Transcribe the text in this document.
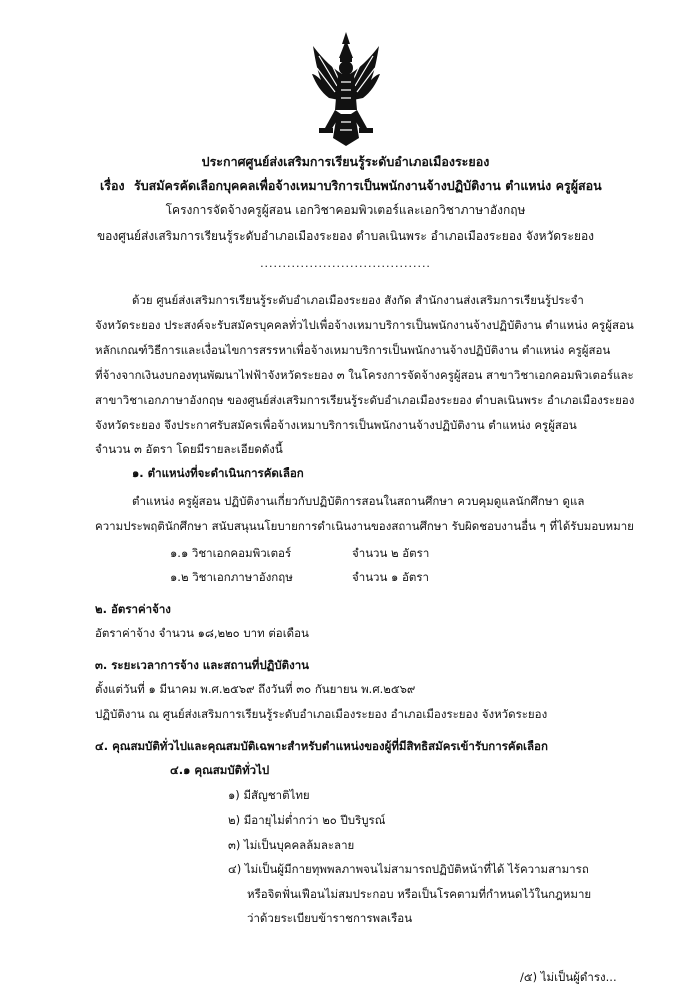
ประกาศศูนย์ส่งเสริมการเรียนรู้ระดับอำเภอเมืองระยอง
เรื่อง รับสมัครคัดเลือกบุคคลเพื่อจ้างเหมาบริการเป็นพนักงานจ้างปฏิบัติงาน ตำแหน่ง ครูผู้สอน
โครงการจัดจ้างครูผู้สอน เอกวิชาคอมพิวเตอร์และเอกวิชาภาษาอังกฤษ
ของศูนย์ส่งเสริมการเรียนรู้ระดับอำเภอเมืองระยอง ตำบลเนินพระ อำเภอเมืองระยอง จังหวัดระยอง
......................................
ด้วย ศูนย์ส่งเสริมการเรียนรู้ระดับอำเภอเมืองระยอง สังกัด สำนักงานส่งเสริมการเรียนรู้ประจำ
จังหวัดระยอง ประสงค์จะรับสมัครบุคคลทั่วไปเพื่อจ้างเหมาบริการเป็นพนักงานจ้างปฏิบัติงาน ตำแหน่ง ครูผู้สอน
หลักเกณฑ์วิธีการและเงื่อนไขการสรรหาเพื่อจ้างเหมาบริการเป็นพนักงานจ้างปฏิบัติงาน ตำแหน่ง ครูผู้สอน
ที่จ้างจากเงินงบกองทุนพัฒนาไฟฟ้าจังหวัดระยอง ๓ ในโครงการจัดจ้างครูผู้สอน สาขาวิชาเอกคอมพิวเตอร์และ
สาขาวิชาเอกภาษาอังกฤษ ของศูนย์ส่งเสริมการเรียนรู้ระดับอำเภอเมืองระยอง ตำบลเนินพระ อำเภอเมืองระยอง
จังหวัดระยอง จึงประกาศรับสมัครเพื่อจ้างเหมาบริการเป็นพนักงานจ้างปฏิบัติงาน ตำแหน่ง ครูผู้สอน
จำนวน ๓ อัตรา โดยมีรายละเอียดดังนี้
๑. ตำแหน่งที่จะดำเนินการคัดเลือก
ตำแหน่ง ครูผู้สอน ปฏิบัติงานเกี่ยวกับปฏิบัติการสอนในสถานศึกษา ควบคุมดูแลนักศึกษา ดูแล
ความประพฤตินักศึกษา สนับสนุนนโยบายการดำเนินงานของสถานศึกษา รับผิดชอบงานอื่น ๆ ที่ได้รับมอบหมาย
๑.๑ วิชาเอกคอมพิวเตอร์	จำนวน ๒ อัตรา
๑.๒ วิชาเอกภาษาอังกฤษ	จำนวน ๑ อัตรา
๒. อัตราค่าจ้าง
อัตราค่าจ้าง จำนวน ๑๘,๒๒๐ บาท ต่อเดือน
๓. ระยะเวลาการจ้าง และสถานที่ปฏิบัติงาน
ตั้งแต่วันที่ ๑ มีนาคม พ.ศ.๒๕๖๙ ถึงวันที่ ๓๐ กันยายน พ.ศ.๒๕๖๙
ปฏิบัติงาน ณ ศูนย์ส่งเสริมการเรียนรู้ระดับอำเภอเมืองระยอง อำเภอเมืองระยอง จังหวัดระยอง
๔. คุณสมบัติทั่วไปและคุณสมบัติเฉพาะสำหรับตำแหน่งของผู้ที่มีสิทธิสมัครเข้ารับการคัดเลือก
๔.๑ คุณสมบัติทั่วไป
๑) มีสัญชาติไทย
๒) มีอายุไม่ต่ำกว่า ๒๐ ปีบริบูรณ์
๓) ไม่เป็นบุคคลล้มละลาย
๔) ไม่เป็นผู้มีกายทุพพลภาพจนไม่สามารถปฏิบัติหน้าที่ได้ ไร้ความสามารถ
หรือจิตฟั่นเฟือนไม่สมประกอบ หรือเป็นโรคตามที่กำหนดไว้ในกฎหมาย
ว่าด้วยระเบียบข้าราชการพลเรือน
/๕) ไม่เป็นผู้ดำรง...
